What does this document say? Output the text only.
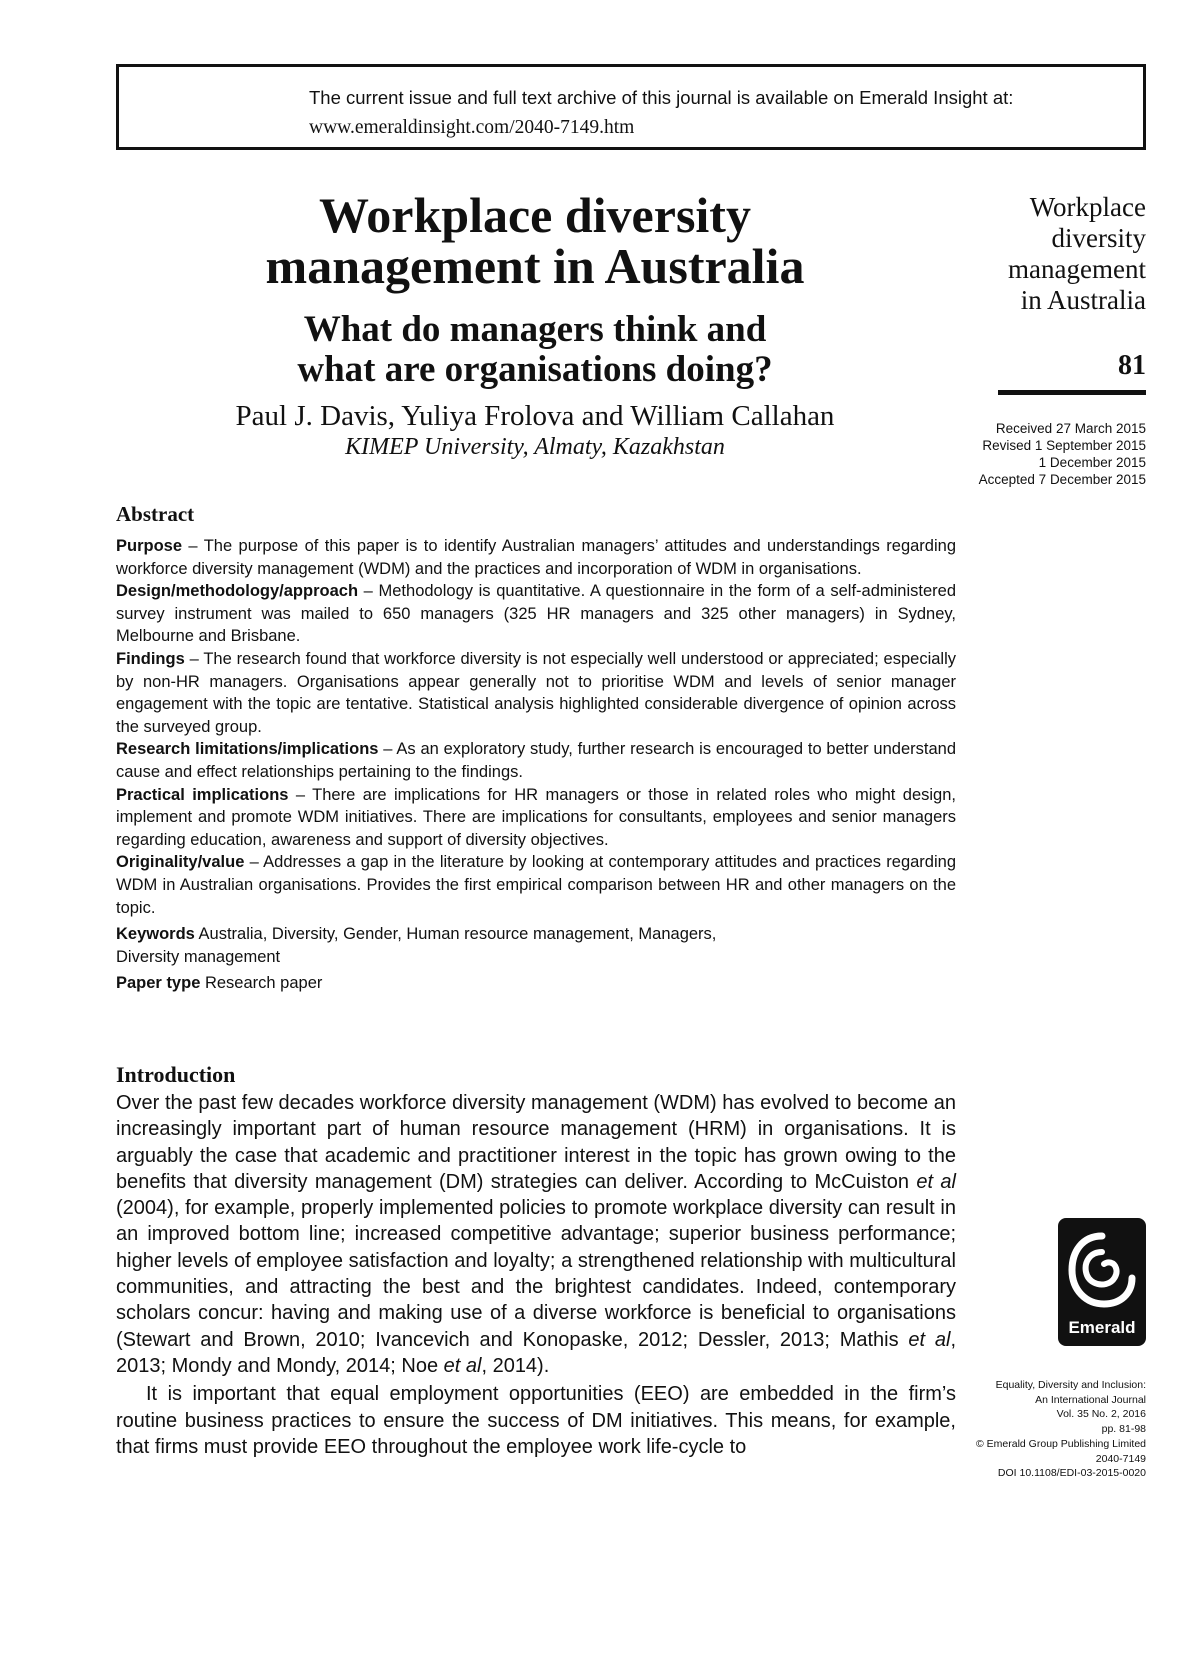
The current issue and full text archive of this journal is available on Emerald Insight at:
www.emeraldinsight.com/2040-7149.htm
Workplace diversity
management in Australia
What do managers think and
what are organisations doing?
Paul J. Davis, Yuliya Frolova and William Callahan
KIMEP University, Almaty, Kazakhstan
Workplace
diversity
management
in Australia
81
Received 27 March 2015
Revised 1 September 2015
1 December 2015
Accepted 7 December 2015
Abstract

Purpose – The purpose of this paper is to identify Australian managers’ attitudes and understandings regarding workforce diversity management (WDM) and the practices and incorporation of WDM in organisations.

Design/methodology/approach – Methodology is quantitative. A questionnaire in the form of a self-administered survey instrument was mailed to 650 managers (325 HR managers and 325 other managers) in Sydney, Melbourne and Brisbane.

Findings – The research found that workforce diversity is not especially well understood or appreciated; especially by non-HR managers. Organisations appear generally not to prioritise WDM and levels of senior manager engagement with the topic are tentative. Statistical analysis highlighted considerable divergence of opinion across the surveyed group.

Research limitations/implications – As an exploratory study, further research is encouraged to better understand cause and effect relationships pertaining to the findings.

Practical implications – There are implications for HR managers or those in related roles who might design, implement and promote WDM initiatives. There are implications for consultants, employees and senior managers regarding education, awareness and support of diversity objectives.

Originality/value – Addresses a gap in the literature by looking at contemporary attitudes and practices regarding WDM in Australian organisations. Provides the first empirical comparison between HR and other managers on the topic.

Keywords Australia, Diversity, Gender, Human resource management, Managers,
Diversity management

Paper type Research paper

Introduction

Over the past few decades workforce diversity management (WDM) has evolved to become an increasingly important part of human resource management (HRM) in organisations. It is arguably the case that academic and practitioner interest in the topic has grown owing to the benefits that diversity management (DM) strategies can deliver. According to McCuiston et al (2004), for example, properly implemented policies to promote workplace diversity can result in an improved bottom line; increased competitive advantage; superior business performance; higher levels of employee satisfaction and loyalty; a strengthened relationship with multicultural communities, and attracting the best and the brightest candidates. Indeed, contemporary scholars concur: having and making use of a diverse workforce is beneficial to organisations (Stewart and Brown, 2010; Ivancevich and Konopaske, 2012; Dessler, 2013; Mathis et al, 2013; Mondy and Mondy, 2014; Noe et al, 2014).

It is important that equal employment opportunities (EEO) are embedded in the firm’s routine business practices to ensure the success of DM initiatives. This means, for example, that firms must provide EEO throughout the employee work life-cycle to

Emerald
Equality, Diversity and Inclusion:
An International Journal
Vol. 35 No. 2, 2016
pp. 81-98
© Emerald Group Publishing Limited
2040-7149
DOI 10.1108/EDI-03-2015-0020
